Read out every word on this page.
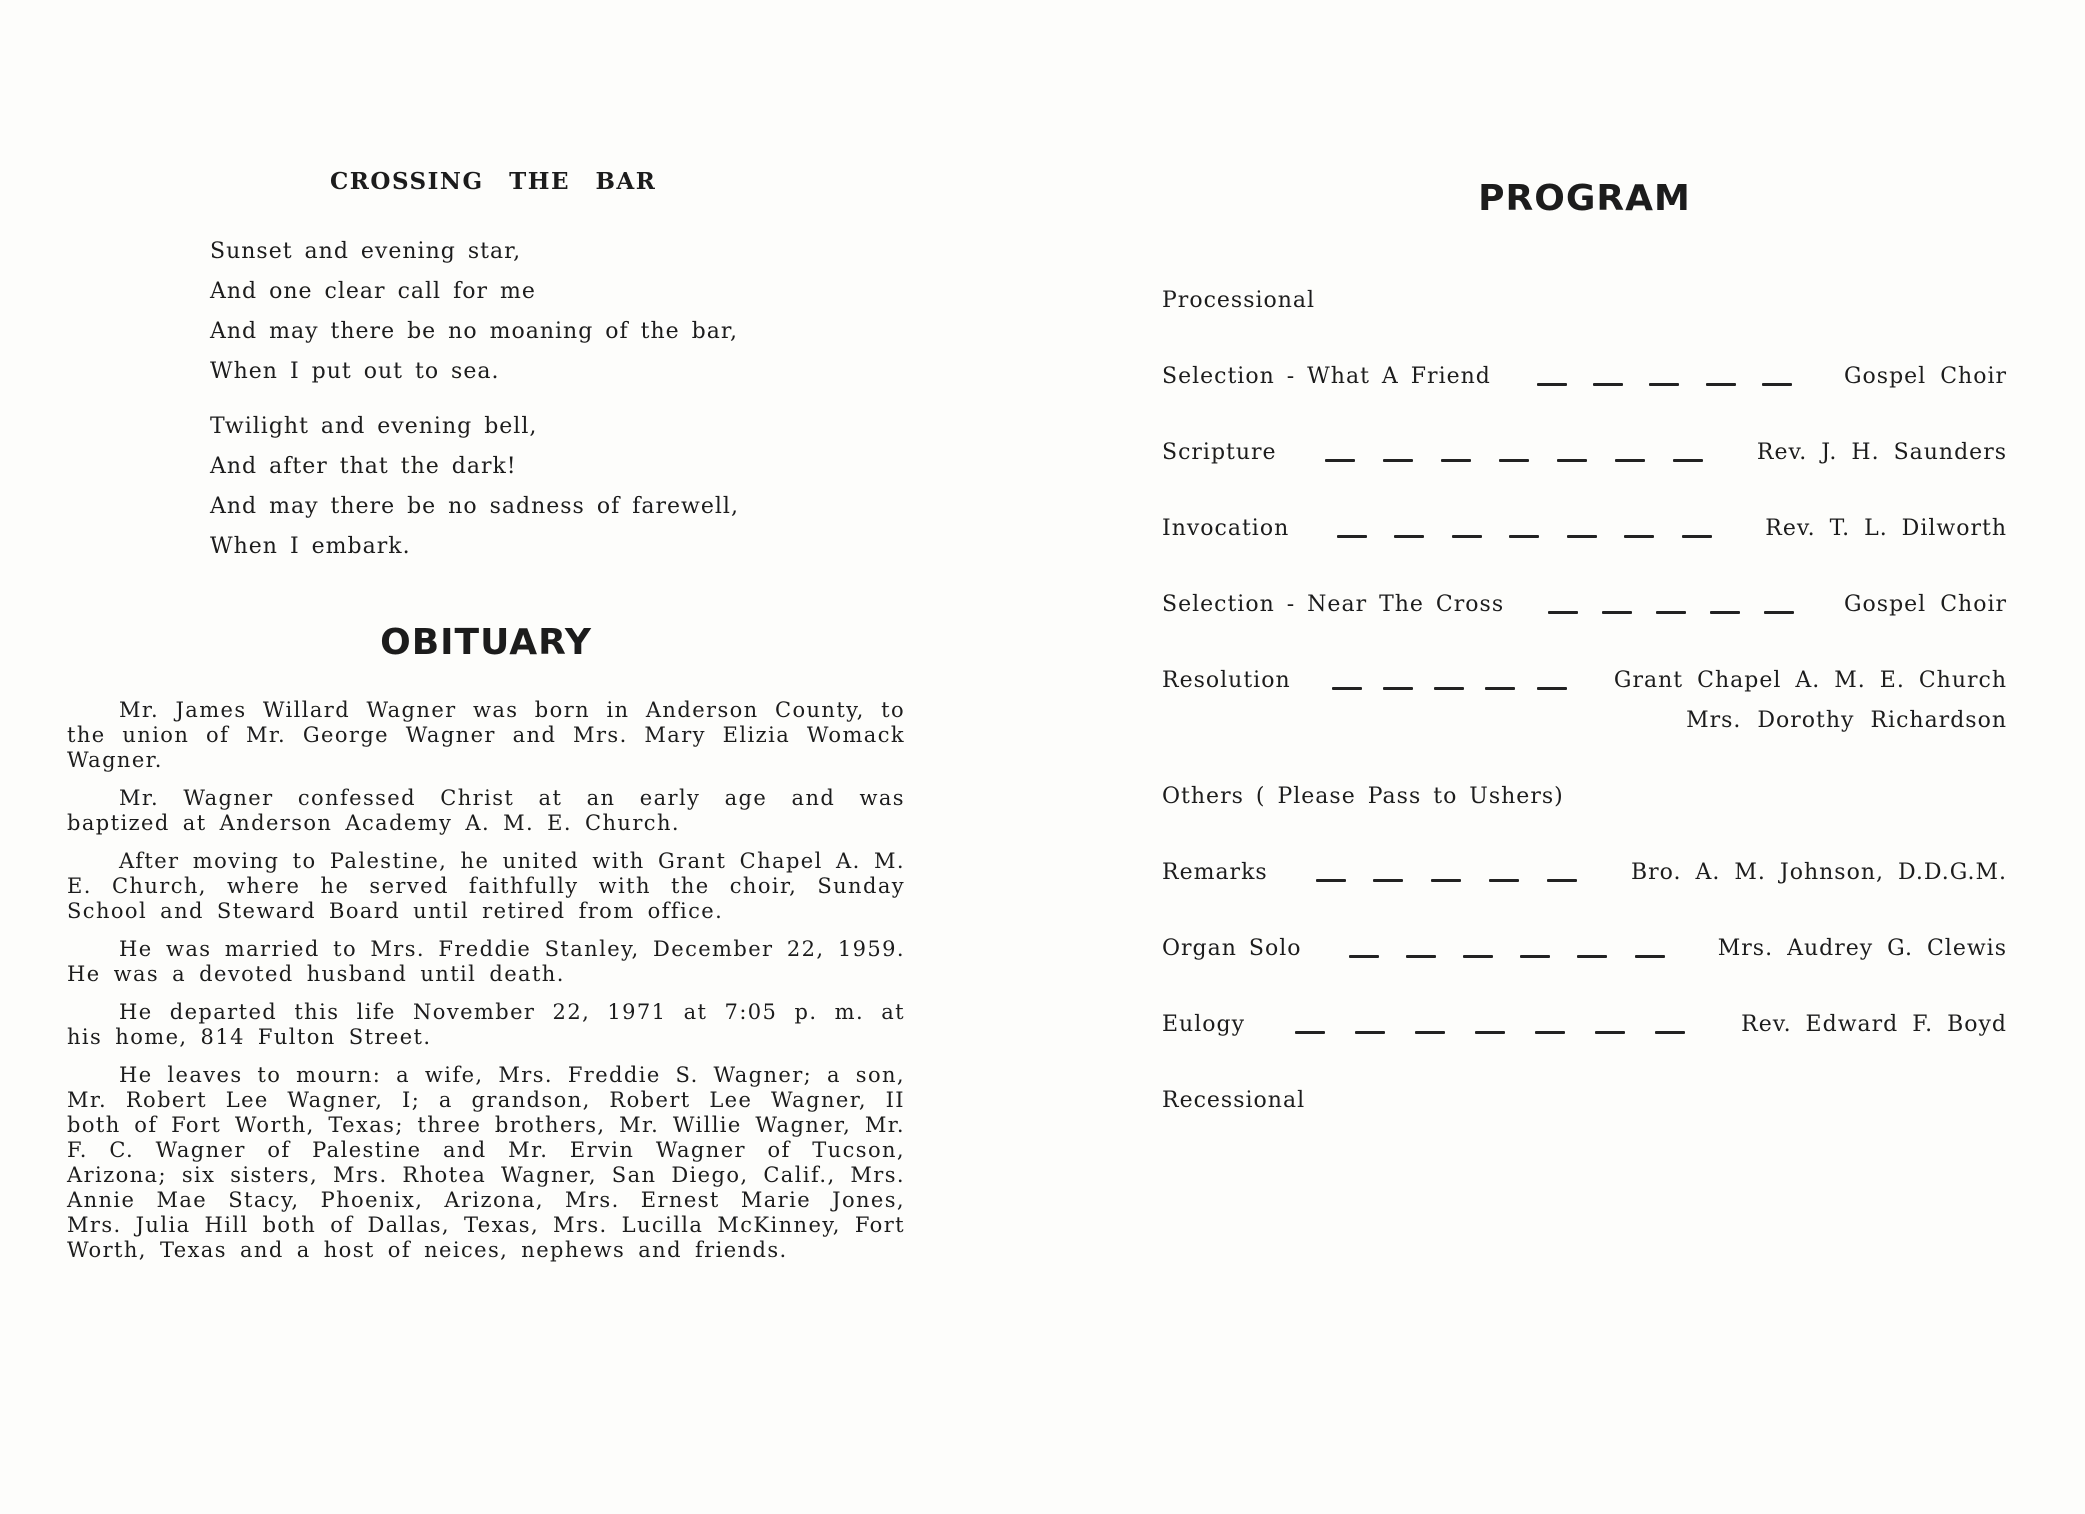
CROSSING THE BAR
Sunset and evening star,
And one clear call for me
And may there be no moaning of the bar,
When I put out to sea.
Twilight and evening bell,
And after that the dark!
And may there be no sadness of farewell,
When I embark.
OBITUARY

Mr. James Willard Wagner was born in Anderson County, to the union of Mr. George Wagner and Mrs. Mary Elizia Womack Wagner.

Mr. Wagner confessed Christ at an early age and was baptized at Anderson Academy A. M. E. Church.

After moving to Palestine, he united with Grant Chapel A. M. E. Church, where he served faithfully with the choir, Sunday School and Steward Board until retired from office.

He was married to Mrs. Freddie Stanley, December 22, 1959. He was a devoted husband until death.

He departed this life November 22, 1971 at 7:05 p. m. at his home, 814 Fulton Street.

He leaves to mourn: a wife, Mrs. Freddie S. Wagner; a son, Mr. Robert Lee Wagner, I; a grandson, Robert Lee Wagner, II both of Fort Worth, Texas; three brothers, Mr. Willie Wagner, Mr. F. C. Wagner of Palestine and Mr. Ervin Wagner of Tucson, Arizona; six sisters, Mrs. Rhotea Wagner, San Diego, Calif., Mrs. Annie Mae Stacy, Phoenix, Arizona, Mrs. Ernest Marie Jones, Mrs. Julia Hill both of Dallas, Texas, Mrs. Lucilla McKinney, Fort Worth, Texas and a host of neices, nephews and friends.

PROGRAM
Processional
Selection - What A Friend	Gospel Choir
Scripture	Rev. J. H. Saunders
Invocation	Rev. T. L. Dilworth
Selection - Near The Cross	Gospel Choir
Resolution	Grant Chapel A. M. E. Church
Mrs. Dorothy Richardson
Others ( Please Pass to Ushers)
Remarks	Bro. A. M. Johnson, D.D.G.M.
Organ Solo	Mrs. Audrey G. Clewis
Eulogy	Rev. Edward F. Boyd
Recessional
